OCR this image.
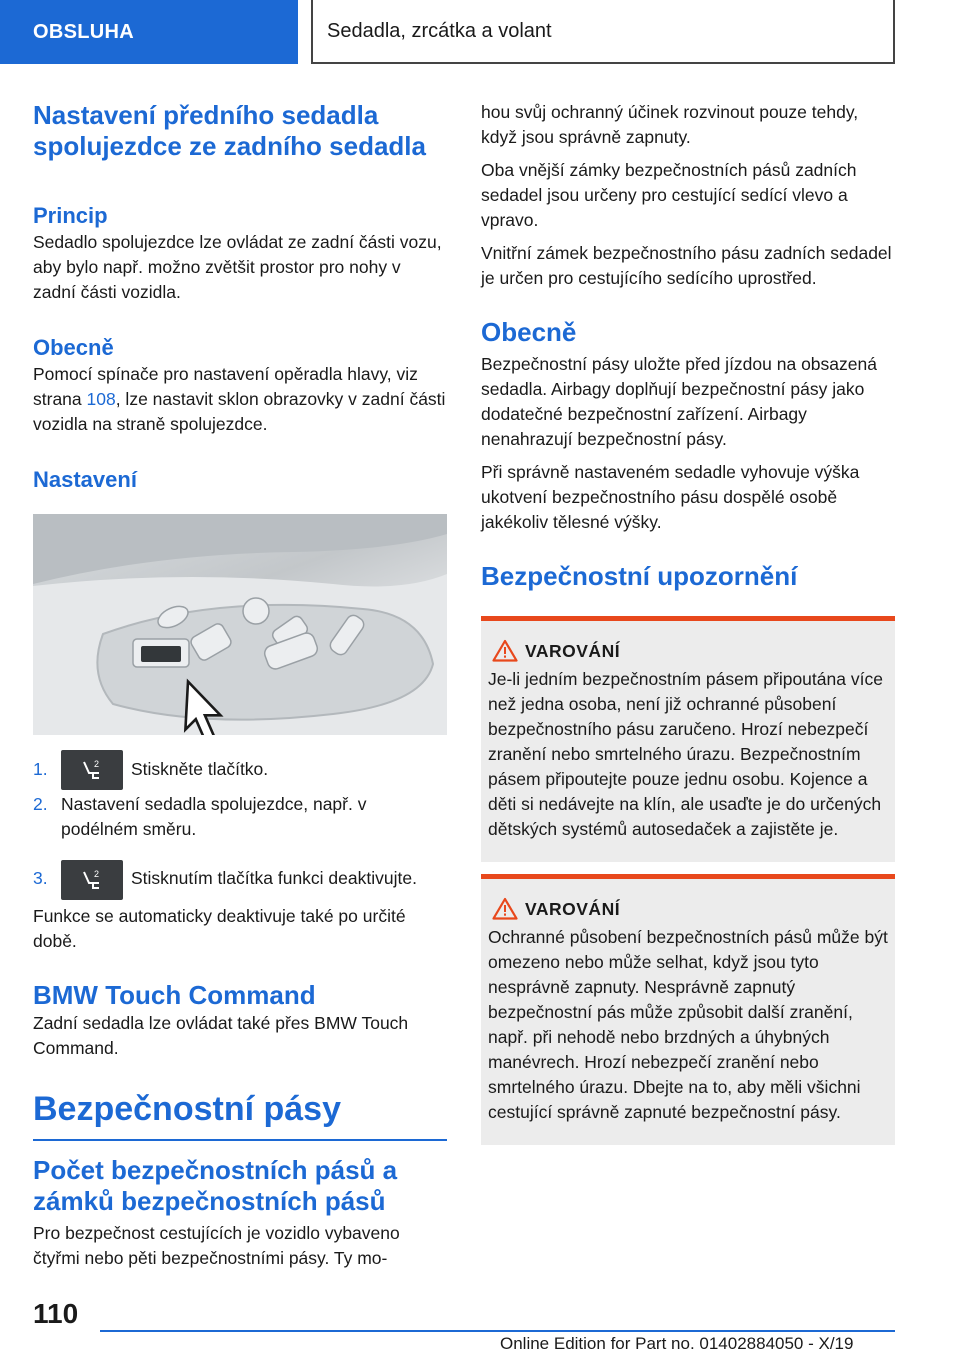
OBSLUHA	Sedadla, zrcátka a volant
Nastavení předního sedadla spolujezdce ze zadního sedadla
Princip

Sedadlo spolujezdce lze ovládat ze zadní části vozu, aby bylo např. možno zvětšit prostor pro nohy v zadní části vozidla.

Obecně

Pomocí spínače pro nastavení opěradla hlavy, viz strana 108, lze nastavit sklon obrazovky v zadní části vozidla na straně spolujezdce.

Nastavení
1.	2 Stiskněte tlačítko.
2. Nastavení sedadla spolujezdce, např. v podélném směru.
3.	2 Stisknutím tlačítka funkci deaktivujte.

Funkce se automaticky deaktivuje také po určité době.

BMW Touch Command

Zadní sedadla lze ovládat také přes BMW Touch Command.

Bezpečnostní pásy
Počet bezpečnostních pásů a zámků bezpečnostních pásů

Pro bezpečnost cestujících je vozidlo vybaveno čtyřmi nebo pěti bezpečnostními pásy. Ty mo-

hou svůj ochranný účinek rozvinout pouze tehdy, když jsou správně zapnuty.

Oba vnější zámky bezpečnostních pásů zadních sedadel jsou určeny pro cestující sedící vlevo a vpravo.

Vnitřní zámek bezpečnostního pásu zadních sedadel je určen pro cestujícího sedícího uprostřed.

Obecně

Bezpečnostní pásy uložte před jízdou na obsazená sedadla. Airbagy doplňují bezpečnostní pásy jako dodatečné bezpečnostní zařízení. Airbagy nenahrazují bezpečnostní pásy.

Při správně nastaveném sedadle vyhovuje výška ukotvení bezpečnostního pásu dospělé osobě jakékoliv tělesné výšky.

Bezpečnostní upozornění
VAROVÁNÍ

Je-li jedním bezpečnostním pásem připoutána více než jedna osoba, není již ochranné působení bezpečnostního pásu zaručeno. Hrozí nebezpečí zranění nebo smrtelného úrazu. Bezpečnostním pásem připoutejte pouze jednu osobu. Kojence a děti si nedávejte na klín, ale usaďte je do určených dětských systémů autosedaček a zajistěte je.

VAROVÁNÍ

Ochranné působení bezpečnostních pásů může být omezeno nebo může selhat, když jsou tyto nesprávně zapnuty. Nesprávně zapnutý bezpečnostní pás může způsobit další zranění, např. při nehodě nebo brzdných a úhybných manévrech. Hrozí nebezpečí zranění nebo smrtelného úrazu. Dbejte na to, aby měli všichni cestující správně zapnuté bezpečnostní pásy.

110
Online Edition for Part no. 01402884050 - X/19
